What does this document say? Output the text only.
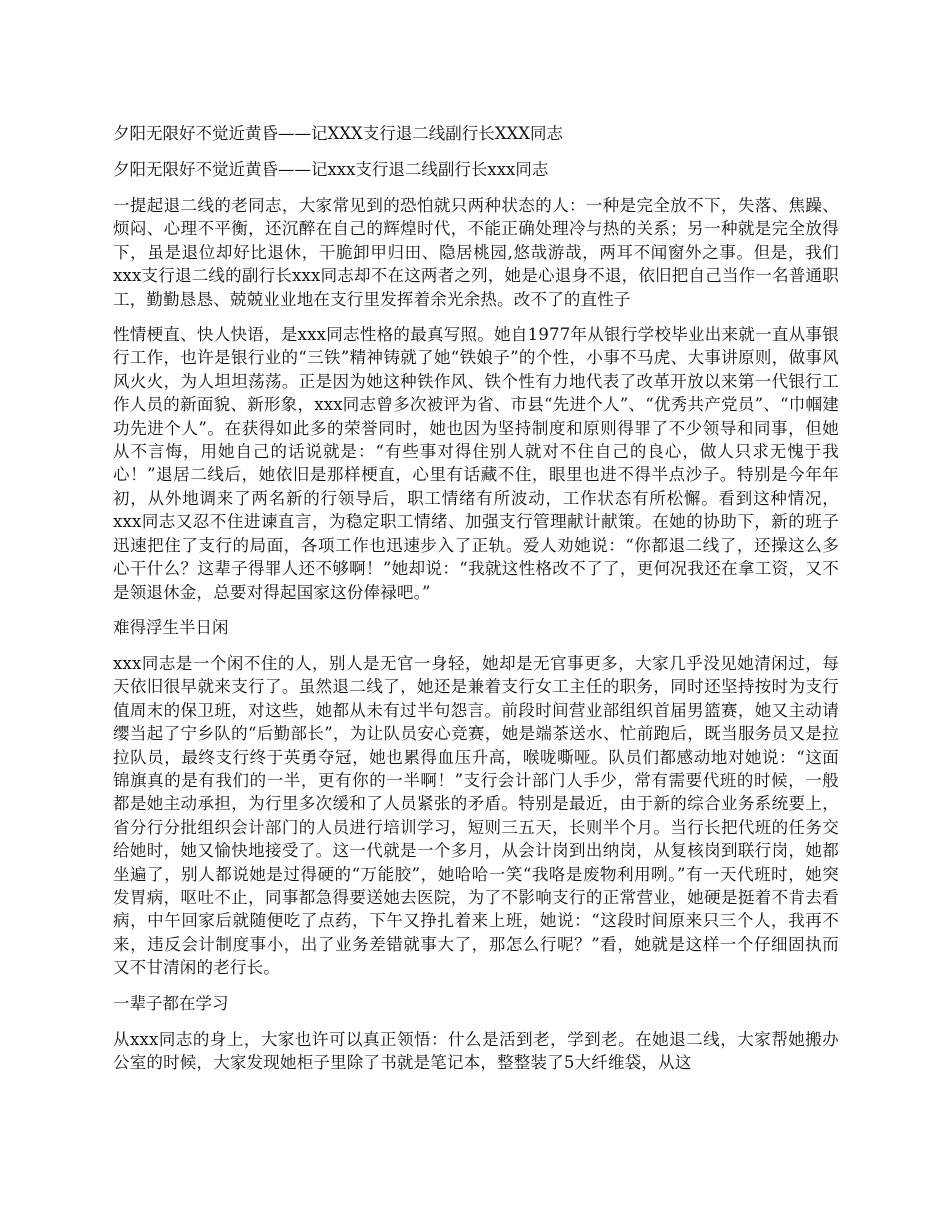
夕阳无限好不觉近黄昏——记XXX支行退二线副行长XXX同志
夕阳无限好不觉近黄昏——记xxx支行退二线副行长xxx同志

一提起退二线的老同志，大家常见到的恐怕就只两种状态的人：一种是完全放不下，失落、焦躁、烦闷、心理不平衡，还沉醉在自己的辉煌时代，不能正确处理冷与热的关系；另一种就是完全放得下，虽是退位却好比退休，干脆卸甲归田、隐居桃园,悠哉游哉，两耳不闻窗外之事。但是，我们xxx支行退二线的副行长xxx同志却不在这两者之列，她是心退身不退，依旧把自己当作一名普通职工，勤勤恳恳、兢兢业业地在支行里发挥着余光余热。改不了的直性子

性情梗直、快人快语，是xxx同志性格的最真写照。她自1977年从银行学校毕业出来就一直从事银行工作，也许是银行业的“三铁”精神铸就了她“铁娘子”的个性，小事不马虎、大事讲原则，做事风风火火，为人坦坦荡荡。正是因为她这种铁作风、铁个性有力地代表了改革开放以来第一代银行工作人员的新面貌、新形象，xxx同志曾多次被评为省、市县“先进个人”、“优秀共产党员”、“巾帼建功先进个人”。在获得如此多的荣誉同时，她也因为坚持制度和原则得罪了不少领导和同事，但她从不言悔，用她自己的话说就是：“有些事对得住别人就对不住自己的良心，做人只求无愧于我心！”退居二线后，她依旧是那样梗直，心里有话藏不住，眼里也进不得半点沙子。特别是今年年初，从外地调来了两名新的行领导后，职工情绪有所波动，工作状态有所松懈。看到这种情况，xxx同志又忍不住进谏直言，为稳定职工情绪、加强支行管理献计献策。在她的协助下，新的班子迅速把住了支行的局面，各项工作也迅速步入了正轨。爱人劝她说：“你都退二线了，还操这么多心干什么？这辈子得罪人还不够啊！”她却说：“我就这性格改不了了，更何况我还在拿工资，又不是领退休金，总要对得起国家这份俸禄吧。”

难得浮生半日闲

xxx同志是一个闲不住的人，别人是无官一身轻，她却是无官事更多，大家几乎没见她清闲过，每天依旧很早就来支行了。虽然退二线了，她还是兼着支行女工主任的职务，同时还坚持按时为支行值周末的保卫班，对这些，她都从未有过半句怨言。前段时间营业部组织首届男篮赛，她又主动请缨当起了宁乡队的“后勤部长”，为让队员安心竞赛，她是端茶送水、忙前跑后，既当服务员又是拉拉队员，最终支行终于英勇夺冠，她也累得血压升高，喉咙嘶哑。队员们都感动地对她说：“这面锦旗真的是有我们的一半，更有你的一半啊！”支行会计部门人手少，常有需要代班的时候，一般都是她主动承担，为行里多次缓和了人员紧张的矛盾。特别是最近，由于新的综合业务系统要上，省分行分批组织会计部门的人员进行培训学习，短则三五天，长则半个月。当行长把代班的任务交给她时，她又愉快地接受了。这一代就是一个多月，从会计岗到出纳岗，从复核岗到联行岗，她都坐遍了，别人都说她是过得硬的“万能胶”，她哈哈一笑“我咯是废物利用咧。”有一天代班时，她突发胃病，呕吐不止，同事都急得要送她去医院，为了不影响支行的正常营业，她硬是挺着不肯去看病，中午回家后就随便吃了点药，下午又挣扎着来上班，她说：“这段时间原来只三个人，我再不来，违反会计制度事小，出了业务差错就事大了，那怎么行呢？”看，她就是这样一个仔细固执而又不甘清闲的老行长。

一辈子都在学习

从xxx同志的身上，大家也许可以真正领悟：什么是活到老，学到老。在她退二线，大家帮她搬办公室的时候，大家发现她柜子里除了书就是笔记本，整整装了5大纤维袋，从这
